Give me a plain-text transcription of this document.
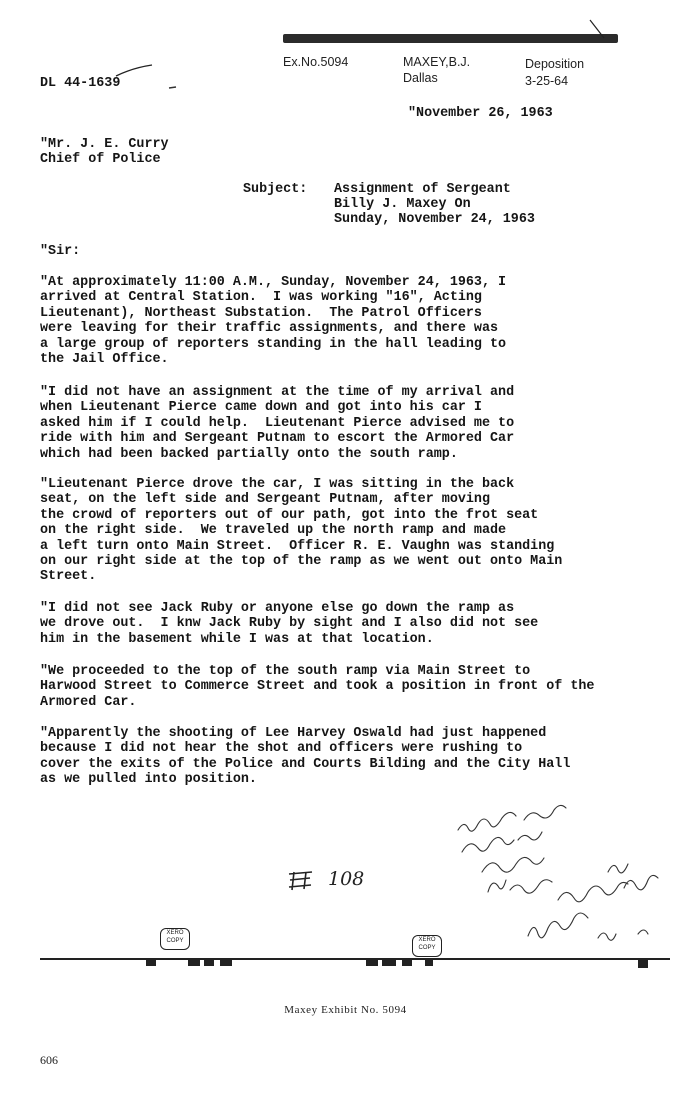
DL 44-1639

Ex.No.5094	MAXEY,B.J.
Dallas
Deposition
3-25-64

"November 26, 1963
"Mr. J. E. Curry
Chief of Police
Subject: Assignment of Sergeant
Billy J. Maxey On
Sunday, November 24, 1963
"Sir:
"At approximately 11:00 A.M., Sunday, November 24, 1963, I
arrived at Central Station.  I was working "16", Acting
Lieutenant), Northeast Substation.  The Patrol Officers
were leaving for their traffic assignments, and there was
a large group of reporters standing in the hall leading to
the Jail Office.
"I did not have an assignment at the time of my arrival and
when Lieutenant Pierce came down and got into his car I
asked him if I could help.  Lieutenant Pierce advised me to
ride with him and Sergeant Putnam to escort the Armored Car
which had been backed partially onto the south ramp.
"Lieutenant Pierce drove the car, I was sitting in the back
seat, on the left side and Sergeant Putnam, after moving
the crowd of reporters out of our path, got into the frot seat
on the right side.  We traveled up the north ramp and made
a left turn onto Main Street.  Officer R. E. Vaughn was standing
on our right side at the top of the ramp as we went out onto Main
Street.
"I did not see Jack Ruby or anyone else go down the ramp as
we drove out.  I knw Jack Ruby by sight and I also did not see
him in the basement while I was at that location.
"We proceeded to the top of the south ramp via Main Street to
Harwood Street to Commerce Street and took a position in front of the
Armored Car.
"Apparently the shooting of Lee Harvey Oswald had just happened
because I did not hear the shot and officers were rushing to
cover the exits of the Police and Courts Bilding and the City Hall
as we pulled into position.

108

XERO COPY	XERO COPY
Maxey Exhibit No. 5094
606
